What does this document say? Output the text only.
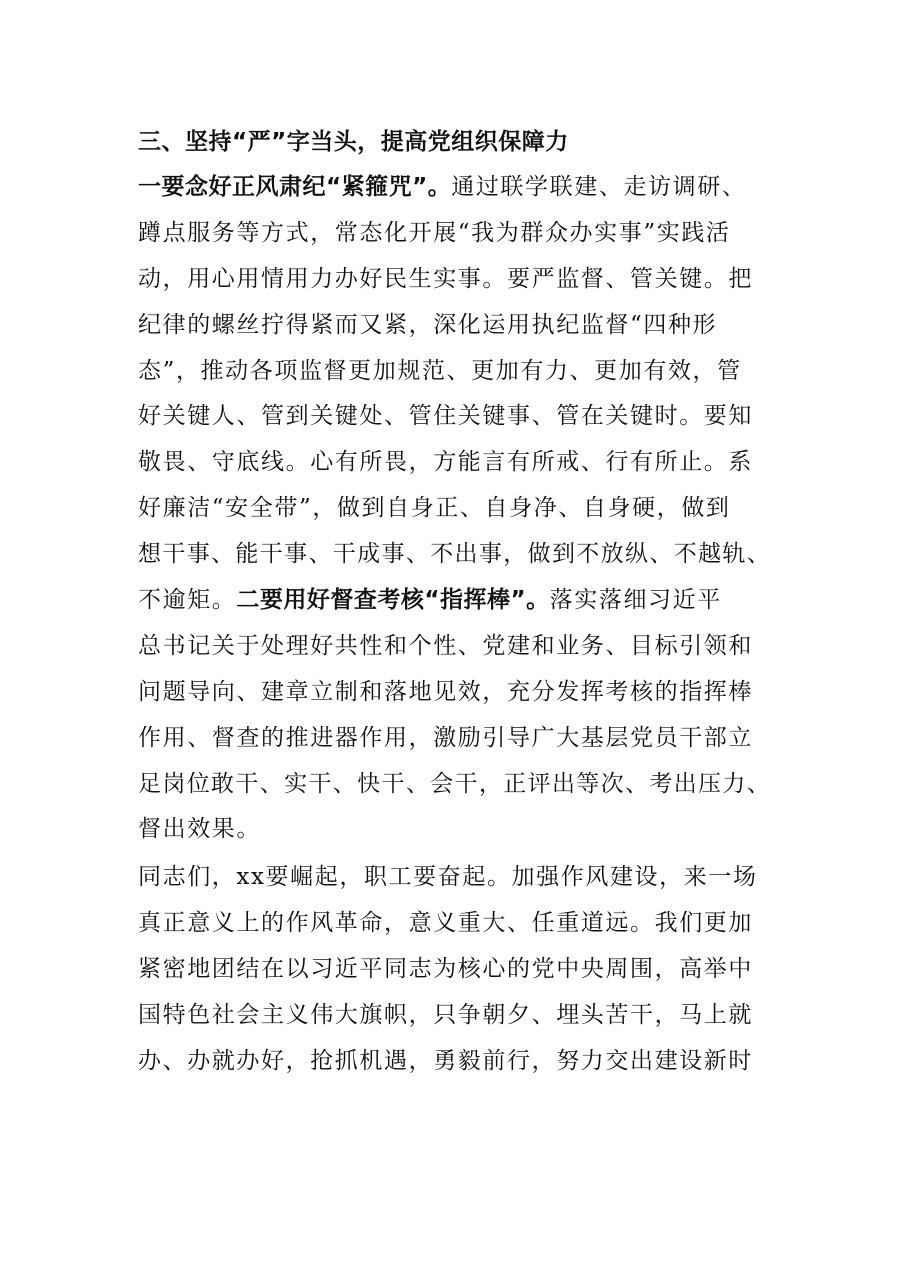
三、坚持“严”字当头，提高党组织保障力
一要念好正风肃纪“紧箍咒”。通过联学联建、走访调研、
蹲点服务等方式，常态化开展“我为群众办实事”实践活
动，用心用情用力办好民生实事。要严监督、管关键。把
纪律的螺丝拧得紧而又紧，深化运用执纪监督“四种形
态”，推动各项监督更加规范、更加有力、更加有效，管
好关键人、管到关键处、管住关键事、管在关键时。要知
敬畏、守底线。心有所畏，方能言有所戒、行有所止。系
好廉洁“安全带”，做到自身正、自身净、自身硬，做到
想干事、能干事、干成事、不出事，做到不放纵、不越轨、
不逾矩。二要用好督查考核“指挥棒”。落实落细习近平
总书记关于处理好共性和个性、党建和业务、目标引领和
问题导向、建章立制和落地见效，充分发挥考核的指挥棒
作用、督查的推进器作用，激励引导广大基层党员干部立
足岗位敢干、实干、快干、会干，正评出等次、考出压力、
督出效果。
同志们，xx要崛起，职工要奋起。加强作风建设，来一场
真正意义上的作风革命，意义重大、任重道远。我们更加
紧密地团结在以习近平同志为核心的党中央周围，高举中
国特色社会主义伟大旗帜，只争朝夕、埋头苦干，马上就
办、办就办好，抢抓机遇，勇毅前行，努力交出建设新时
